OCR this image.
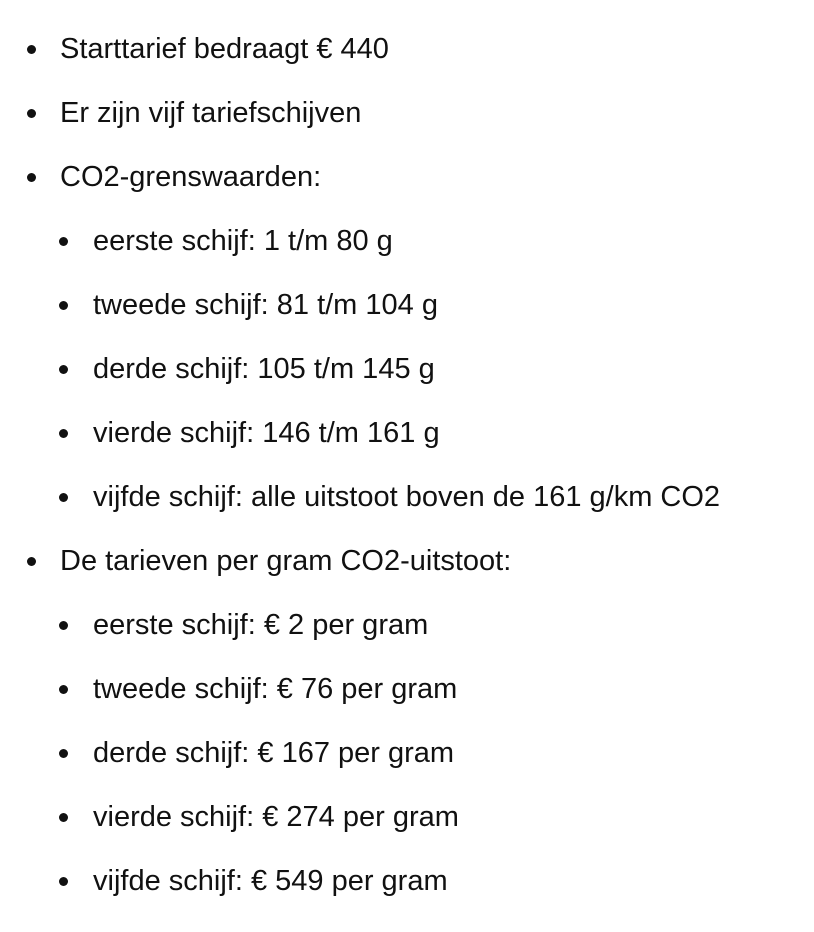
Starttarief bedraagt € 440
Er zijn vijf tariefschijven
CO2-grenswaarden:
eerste schijf: 1 t/m 80 g
tweede schijf: 81 t/m 104 g
derde schijf: 105 t/m 145 g
vierde schijf: 146 t/m 161 g
vijfde schijf: alle uitstoot boven de 161 g/km CO2
De tarieven per gram CO2-uitstoot:
eerste schijf: € 2 per gram
tweede schijf: € 76 per gram
derde schijf: € 167 per gram
vierde schijf: € 274 per gram
vijfde schijf: € 549 per gram
